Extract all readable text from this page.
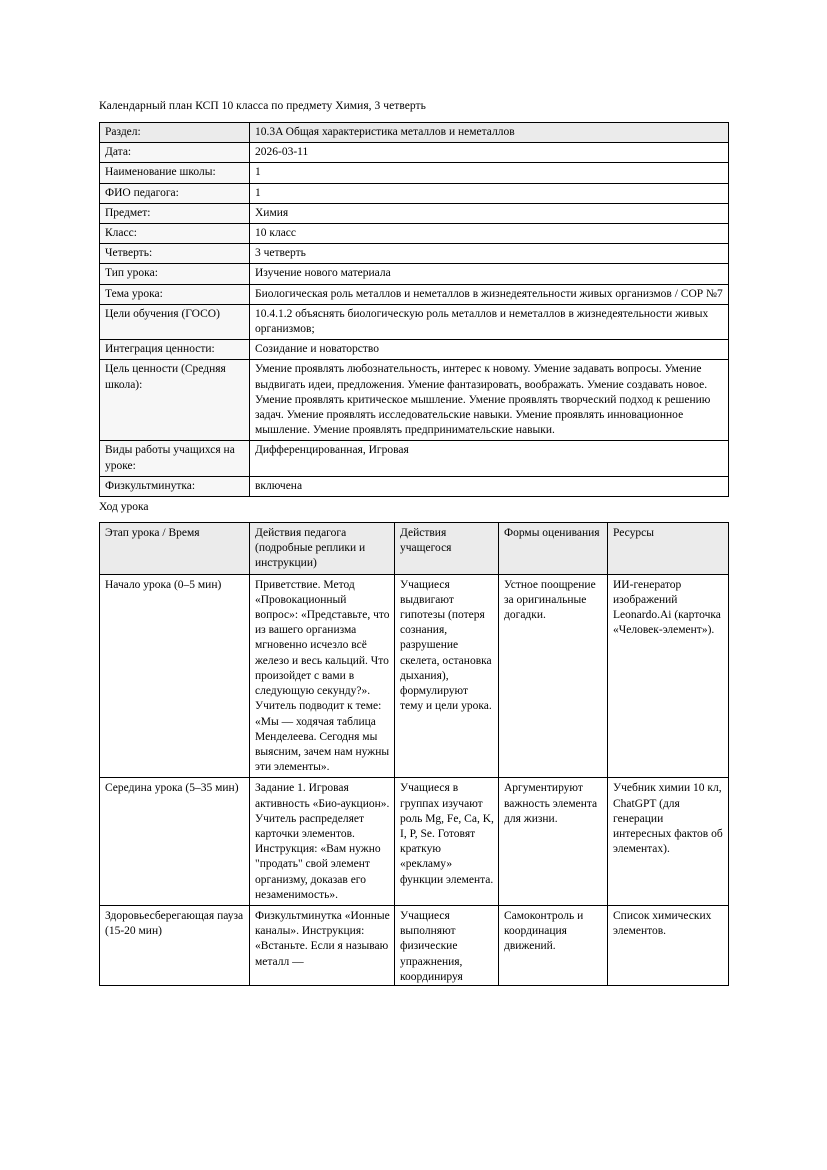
Календарный план КСП 10 класса по предмету Химия, 3 четверть

Раздел:	10.3A Общая характеристика металлов и неметаллов
Дата:	2026-03-11
Наименование школы:	1
ФИО педагога:	1
Предмет:	Химия
Класс:	10 класс
Четверть:	3 четверть
Тип урока:	Изучение нового материала
Тема урока:	Биологическая роль металлов и неметаллов в жизнедеятельности живых организмов / СОР №7
Цели обучения (ГОСО)	10.4.1.2 объяснять биологическую роль металлов и неметаллов в жизнедеятельности живых организмов;
Интеграция ценности:	Созидание и новаторство
Цель ценности (Средняя школа):	Умение проявлять любознательность, интерес к новому. Умение задавать вопросы. Умение выдвигать идеи, предложения. Умение фантазировать, воображать. Умение создавать новое. Умение проявлять критическое мышление. Умение проявлять творческий подход к решению задач. Умение проявлять исследовательские навыки. Умение проявлять инновационное мышление. Умение проявлять предпринимательские навыки.
Виды работы учащихся на уроке:	Дифференцированная, Игровая
Физкультминутка:	включена

Ход урока

Этап урока / Время	Действия педагога (подробные реплики и инструкции)	Действия учащегося	Формы оценивания	Ресурсы

Начало урока (0–5 мин)	Приветствие. Метод «Провокационный вопрос»: «Представьте, что из вашего организма мгновенно исчезло всё железо и весь кальций. Что произойдет с вами в следующую секунду?». Учитель подводит к теме: «Мы — ходячая таблица Менделеева. Сегодня мы выясним, зачем нам нужны эти элементы».	Учащиеся выдвигают гипотезы (потеря сознания, разрушение скелета, остановка дыхания), формулируют тему и цели урока.	Устное поощрение за оригинальные догадки.	ИИ-генератор изображений Leonardo.Ai (карточка «Человек-элемент»).

Середина урока (5–35 мин)	Задание 1. Игровая активность «Био-аукцион». Учитель распределяет карточки элементов. Инструкция: «Вам нужно "продать" свой элемент организму, доказав его незаменимость».	Учащиеся в группах изучают роль Mg, Fe, Ca, K, I, P, Se. Готовят краткую «рекламу» функции элемента.	Аргументируют важность элемента для жизни.	Учебник химии 10 кл, ChatGPT (для генерации интересных фактов об элементах).

Здоровьесберегающая пауза (15-20 мин)	Физкультминутка «Ионные каналы». Инструкция: «Встаньте. Если я называю металл —	Учащиеся выполняют физические упражнения, координируя	Самоконтроль и координация движений.	Список химических элементов.
